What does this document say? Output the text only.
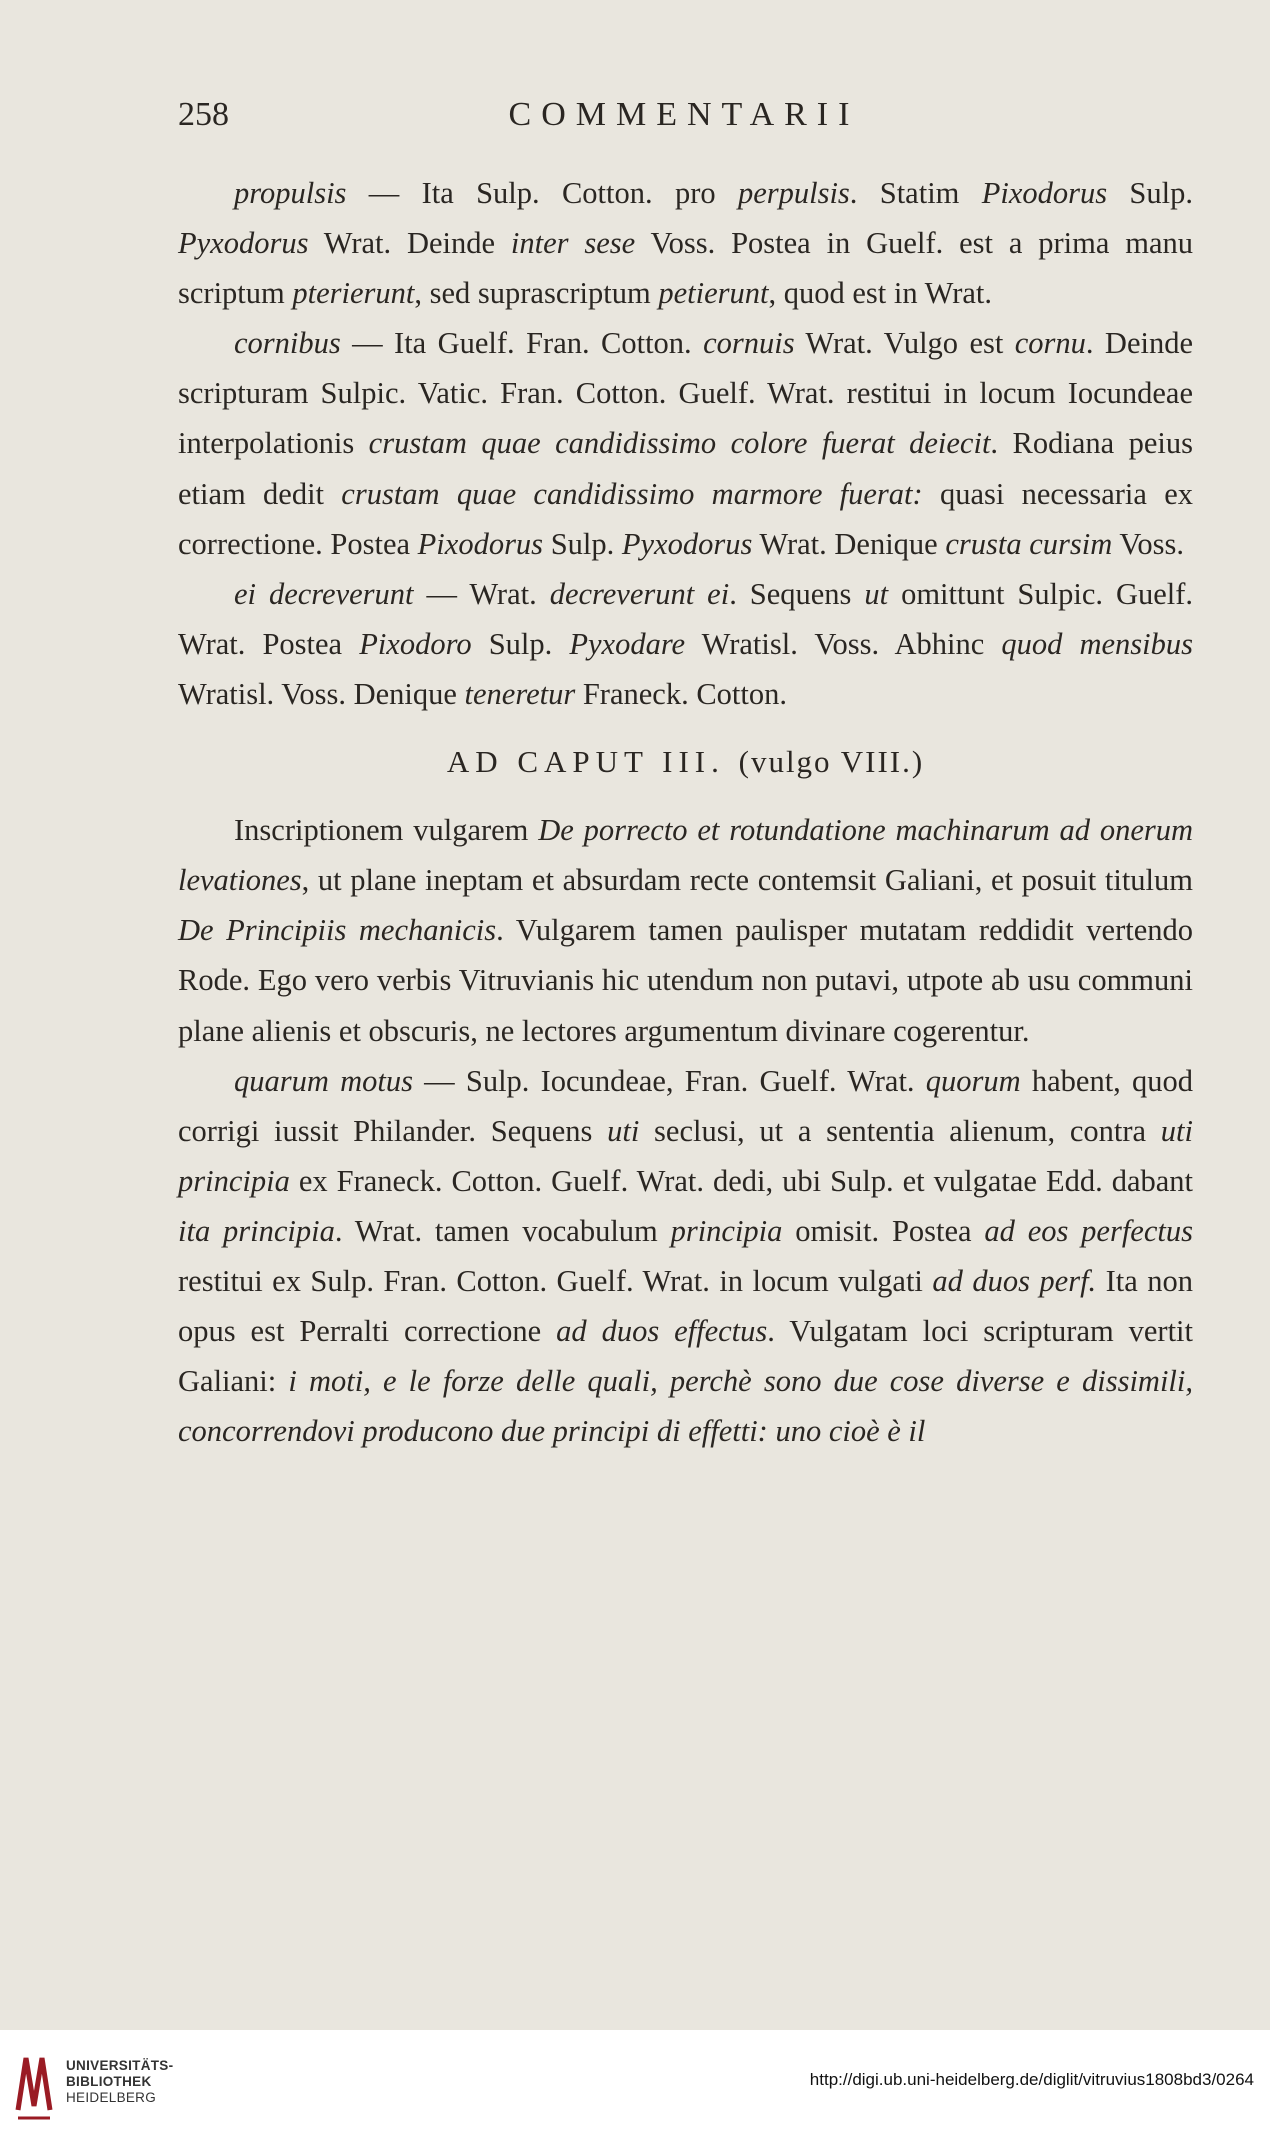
258	COMMENTARII

propulsis — Ita Sulp. Cotton. pro perpulsis. Statim Pixodorus Sulp. Pyxodorus Wrat. Deinde inter sese Voss. Postea in Guelf. est a prima manu scriptum pterierunt, sed suprascriptum petierunt, quod est in Wrat.

cornibus — Ita Guelf. Fran. Cotton. cornuis Wrat. Vulgo est cornu. Deinde scripturam Sulpic. Vatic. Fran. Cotton. Guelf. Wrat. restitui in locum Iocundeae interpolationis crustam quae candidissimo colore fuerat deiecit. Rodiana peius etiam dedit crustam quae candidissimo marmore fuerat: quasi necessaria ex correctione. Postea Pixodorus Sulp. Pyxodorus Wrat. Denique crusta cursim Voss.

ei decreverunt — Wrat. decreverunt ei. Sequens ut omittunt Sulpic. Guelf. Wrat. Postea Pixodoro Sulp. Pyxodare Wratisl. Voss. Abhinc quod mensibus Wratisl. Voss. Denique teneretur Franeck. Cotton.

AD CAPUT III. (vulgo VIII.)

Inscriptionem vulgarem De porrecto et rotundatione machinarum ad onerum levationes, ut plane ineptam et absurdam recte contemsit Galiani, et posuit titulum De Principiis mechanicis. Vulgarem tamen paulisper mutatam reddidit vertendo Rode. Ego vero verbis Vitruvianis hic utendum non putavi, utpote ab usu communi plane alienis et obscuris, ne lectores argumentum divinare cogerentur.

quarum motus — Sulp. Iocundeae, Fran. Guelf. Wrat. quorum habent, quod corrigi iussit Philander. Sequens uti seclusi, ut a sententia alienum, contra uti principia ex Franeck. Cotton. Guelf. Wrat. dedi, ubi Sulp. et vulgatae Edd. dabant ita principia. Wrat. tamen vocabulum principia omisit. Postea ad eos perfectus restitui ex Sulp. Fran. Cotton. Guelf. Wrat. in locum vulgati ad duos perf. Ita non opus est Perralti correctione ad duos effectus. Vulgatam loci scripturam vertit Galiani: i moti, e le forze delle quali, perchè sono due cose diverse e dissimili, concorrendovi producono due principi di effetti: uno cioè è il

UNIVERSITÄTS-
BIBLIOTHEK
HEIDELBERG
http://digi.ub.uni-heidelberg.de/diglit/vitruvius1808bd3/0264
